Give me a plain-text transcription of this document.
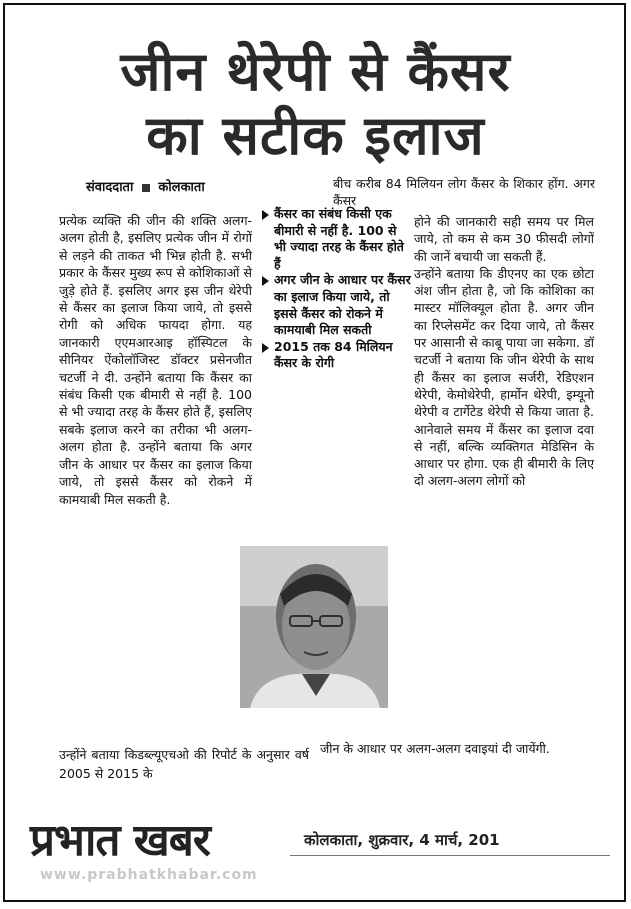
जीन थेरेपी से कैंसर
का सटीक इलाज
संवाददाता कोलकाता

प्रत्येक व्यक्ति की जीन की शक्ति अलग-अलग होती है, इसलिए प्रत्येक जीन में रोगों से लड़ने की ताकत भी भिन्न होती है. सभी प्रकार के कैंसर मुख्य रूप से कोशिकाओं से जुड़े होते हैं. इसलिए अगर इस जीन थेरेपी से कैंसर का इलाज किया जाये, तो इससे रोगी को अधिक फायदा होगा. यह जानकारी एएमआरआइ हॉस्पिटल के सीनियर ऐंकोलॉजिस्ट डॉक्टर प्रसेनजीत चटर्जी ने दी. उन्होंने बताया कि कैंसर का संबंध किसी एक बीमारी से नहीं है. 100 से भी ज्यादा तरह के कैंसर होते हैं, इसलिए सबके इलाज करने का तरीका भी अलग-अलग होता है. उन्होंने बताया कि अगर जीन के आधार पर कैंसर का इलाज किया जाये, तो इससे कैंसर को रोकने में कामयाबी मिल सकती है.

कैंसर का संबंध किसी एक बीमारी से नहीं है. 100 से भी ज्यादा तरह के कैंसर होते हैं
अगर जीन के आधार पर कैंसर का इलाज किया जाये, तो इससे कैंसर को रोकने में कामयाबी मिल सकती
2015 तक 84 मिलियन कैंसर के रोगी

बीच करीब 84 मिलियन लोग कैंसर के शिकार होंग. अगर कैंसर

होने की जानकारी सही समय पर मिल जाये, तो कम से कम 30 फीसदी लोगों की जानें बचायी जा सकती हैं.

उन्होंने बताया कि डीएनए का एक छोटा अंश जीन होता है, जो कि कोशिका का मास्टर मॉलिक्यूल होता है. अगर जीन का रिप्लेसमेंट कर दिया जाये, तो कैंसर पर आसानी से काबू पाया जा सकेगा. डॉ चटर्जी ने बताया कि जीन थेरेपी के साथ ही कैंसर का इलाज सर्जरी, रेडिएशन थेरेपी, केमोथेरेपी, हार्मोन थेरेपी, इम्यूनो थेरेपी व टार्गेटेड थेरेपी से किया जाता है. आनेवाले समय में कैंसर का इलाज दवा से नहीं, बल्कि व्यक्तिगत मेडिसिन के आधार पर होगा. एक ही बीमारी के लिए दो अलग-अलग लोगों को

उन्होंने बताया किडब्ल्यूएचओ की रिपोर्ट के अनुसार वर्ष 2005 से 2015 के

जीन के आधार पर अलग-अलग दवाइयां दी जायेंगी.

प्रभात खबर	कोलकाता, शुक्रवार, 4 मार्च, 201
www.prabhatkhabar.com
